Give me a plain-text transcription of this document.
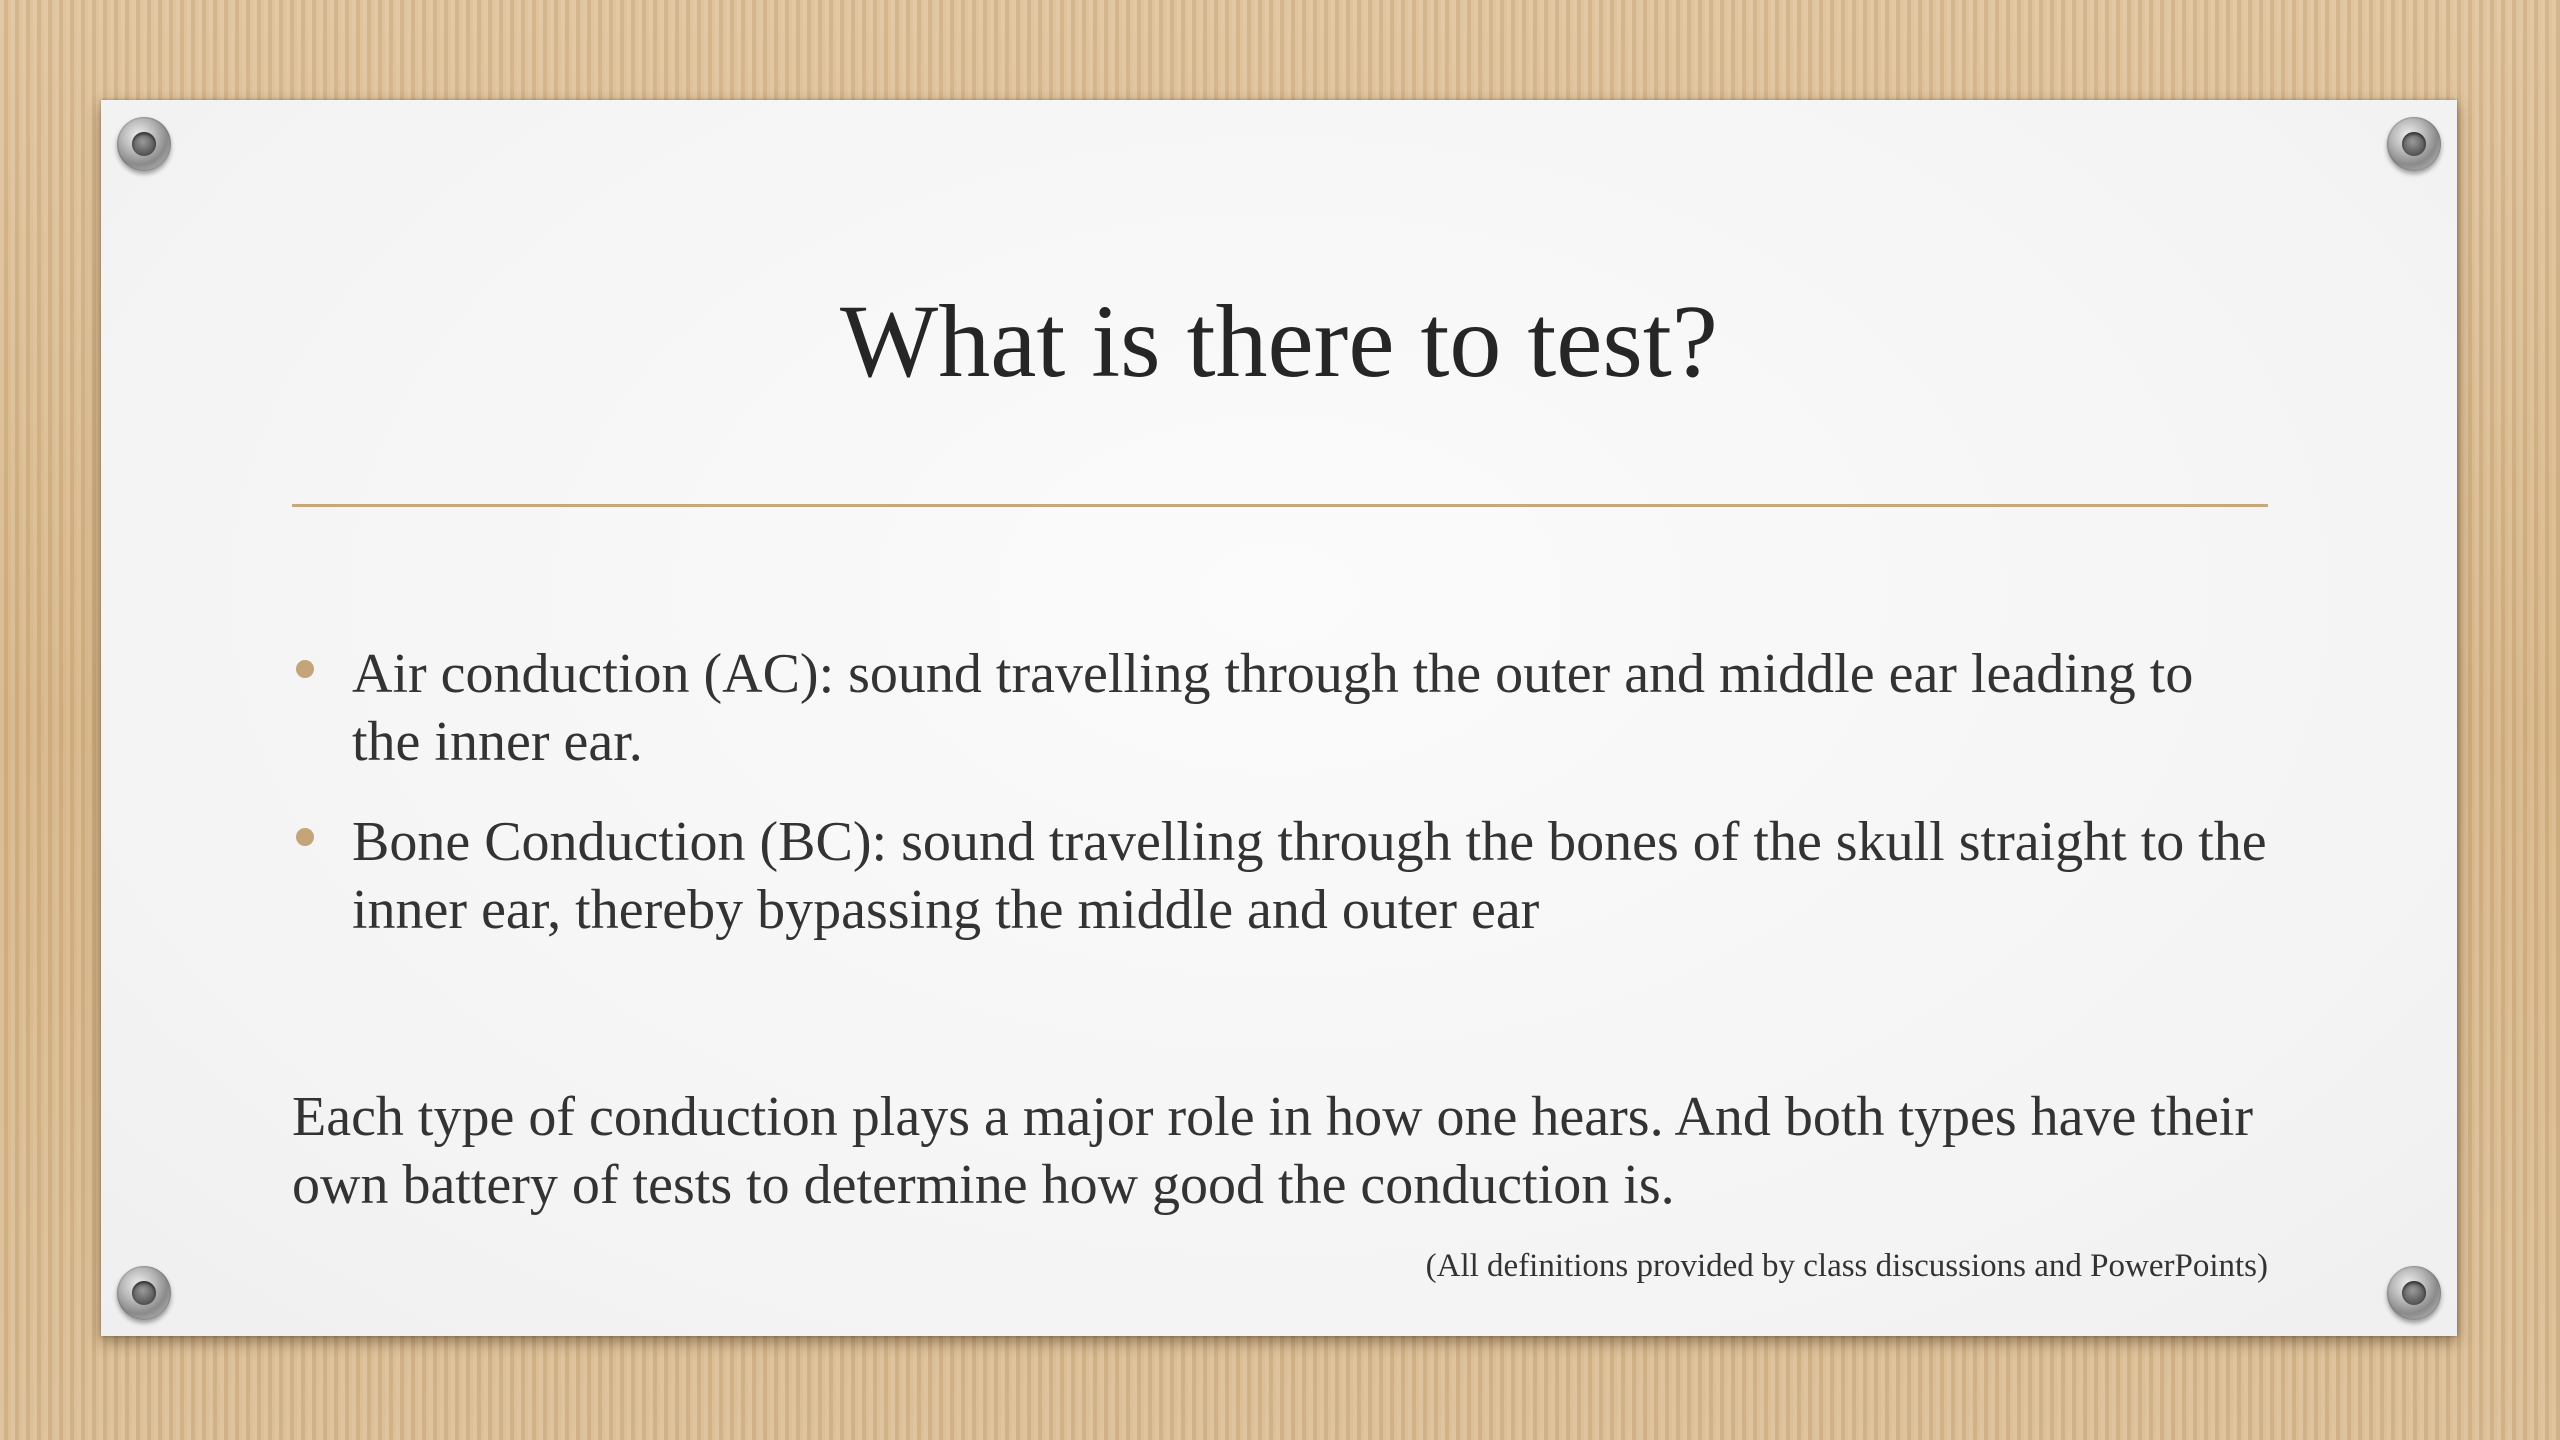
What is there to test?
Air conduction (AC): sound travelling through the outer and middle ear leading to the inner ear.
Bone Conduction (BC): sound travelling through the bones of the skull straight to the inner ear, thereby bypassing the middle and outer ear

Each type of conduction plays a major role in how one hears. And both types have their own battery of tests to determine how good the conduction is.

(All definitions provided by class discussions and PowerPoints)
